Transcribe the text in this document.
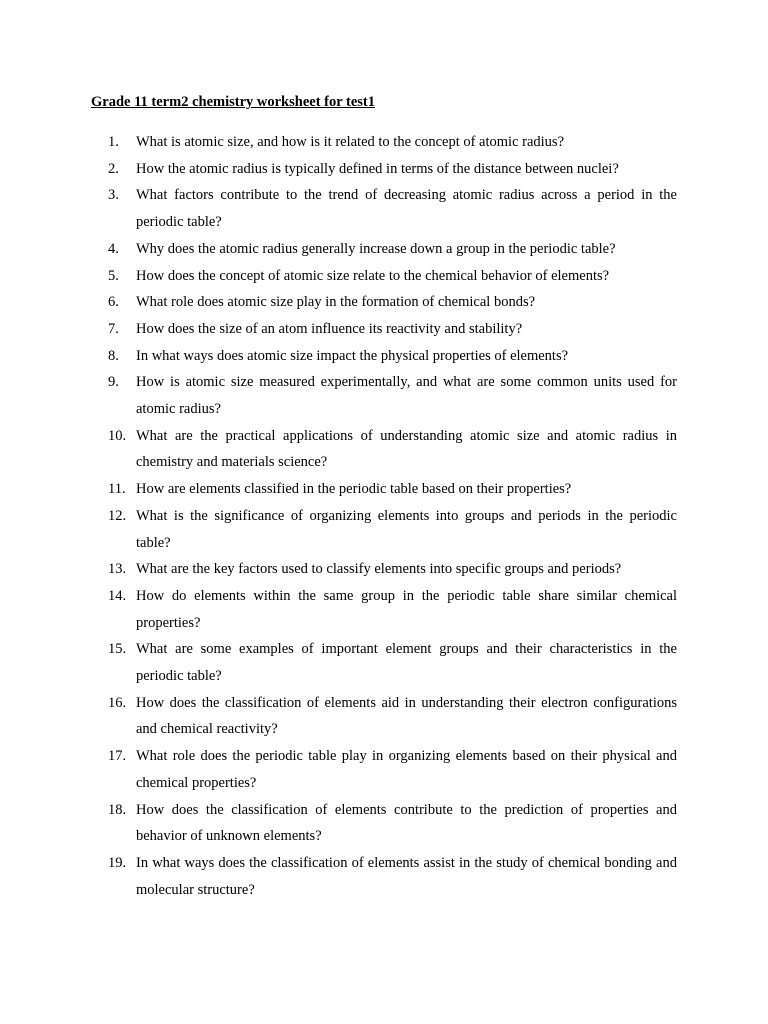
Grade 11 term2 chemistry worksheet for test1
1.	What is atomic size, and how is it related to the concept of atomic radius?
2.	How the atomic radius is typically defined in terms of the distance between nuclei?
3.	What factors contribute to the trend of decreasing atomic radius across a period in the periodic table?
4.	Why does the atomic radius generally increase down a group in the periodic table?
5.	How does the concept of atomic size relate to the chemical behavior of elements?
6.	What role does atomic size play in the formation of chemical bonds?
7.	How does the size of an atom influence its reactivity and stability?
8.	In what ways does atomic size impact the physical properties of elements?
9.	How is atomic size measured experimentally, and what are some common units used for atomic radius?
10. What are the practical applications of understanding atomic size and atomic radius in chemistry and materials science?
11. How are elements classified in the periodic table based on their properties?
12. What is the significance of organizing elements into groups and periods in the periodic table?
13. What are the key factors used to classify elements into specific groups and periods?
14. How do elements within the same group in the periodic table share similar chemical properties?
15. What are some examples of important element groups and their characteristics in the periodic table?
16. How does the classification of elements aid in understanding their electron configurations and chemical reactivity?
17. What role does the periodic table play in organizing elements based on their physical and chemical properties?
18. How does the classification of elements contribute to the prediction of properties and behavior of unknown elements?
19. In what ways does the classification of elements assist in the study of chemical bonding and molecular structure?
